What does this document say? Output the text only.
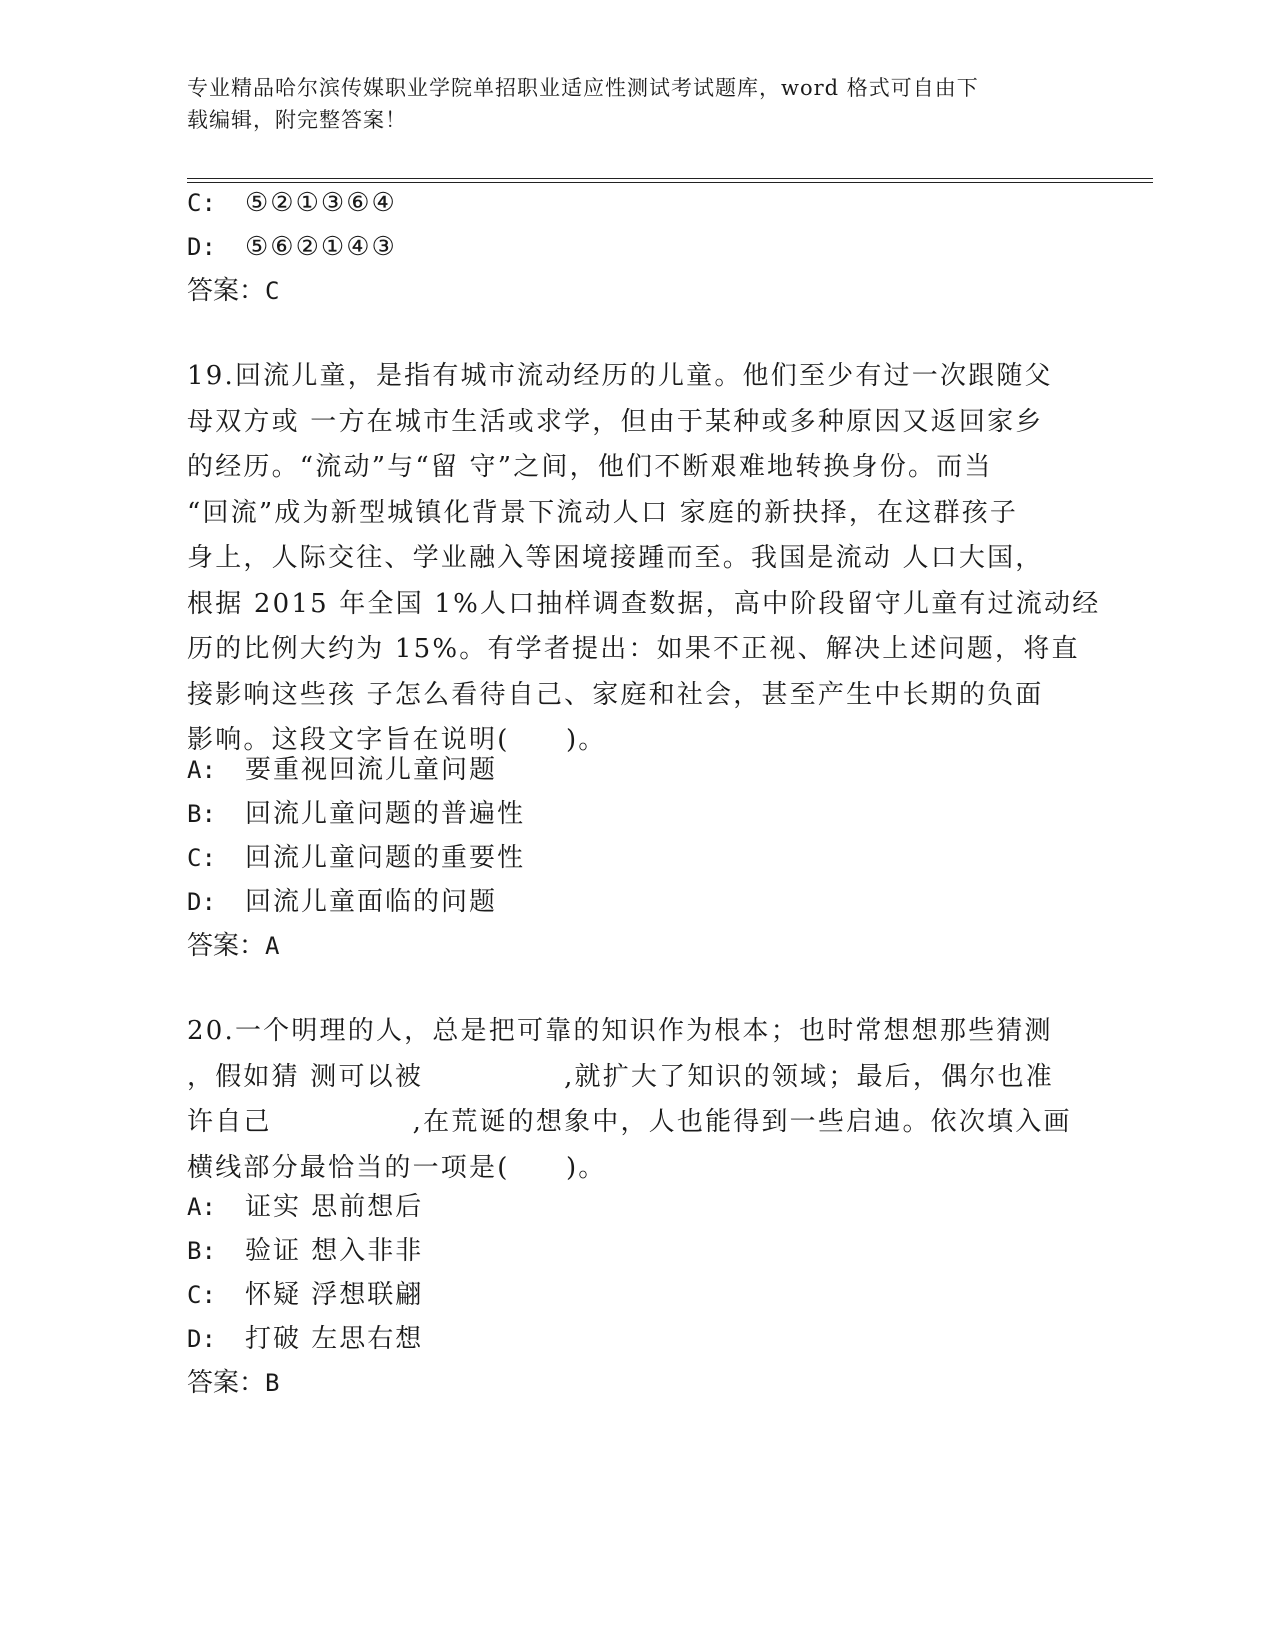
专业精品哈尔滨传媒职业学院单招职业适应性测试考试题库，word 格式可自由下
载编辑，附完整答案！
C: ⑤②①③⑥④
D: ⑤⑥②①④③
答案：C
19.回流儿童，是指有城市流动经历的儿童。他们至少有过一次跟随父
母双方或 一方在城市生活或求学，但由于某种或多种原因又返回家乡
的经历。“流动”与“留 守”之间，他们不断艰难地转换身份。而当
“回流”成为新型城镇化背景下流动人口 家庭的新抉择，在这群孩子
身上，人际交往、学业融入等困境接踵而至。我国是流动 人口大国，
根据 2015 年全国 1%人口抽样调查数据，高中阶段留守儿童有过流动经
历的比例大约为 15%。有学者提出：如果不正视、解决上述问题，将直
接影响这些孩 子怎么看待自己、家庭和社会，甚至产生中长期的负面
影响。这段文字旨在说明(　　)。
A: 要重视回流儿童问题
B: 回流儿童问题的普遍性
C: 回流儿童问题的重要性
D: 回流儿童面临的问题
答案：A
20.一个明理的人，总是把可靠的知识作为根本；也时常想想那些猜测
，假如猜 测可以被　　　　　,就扩大了知识的领域；最后，偶尔也准
许自己　　　　　,在荒诞的想象中，人也能得到一些启迪。依次填入画
横线部分最恰当的一项是(　　)。
A: 证实 思前想后
B: 验证 想入非非
C: 怀疑 浮想联翩
D: 打破 左思右想
答案：B
